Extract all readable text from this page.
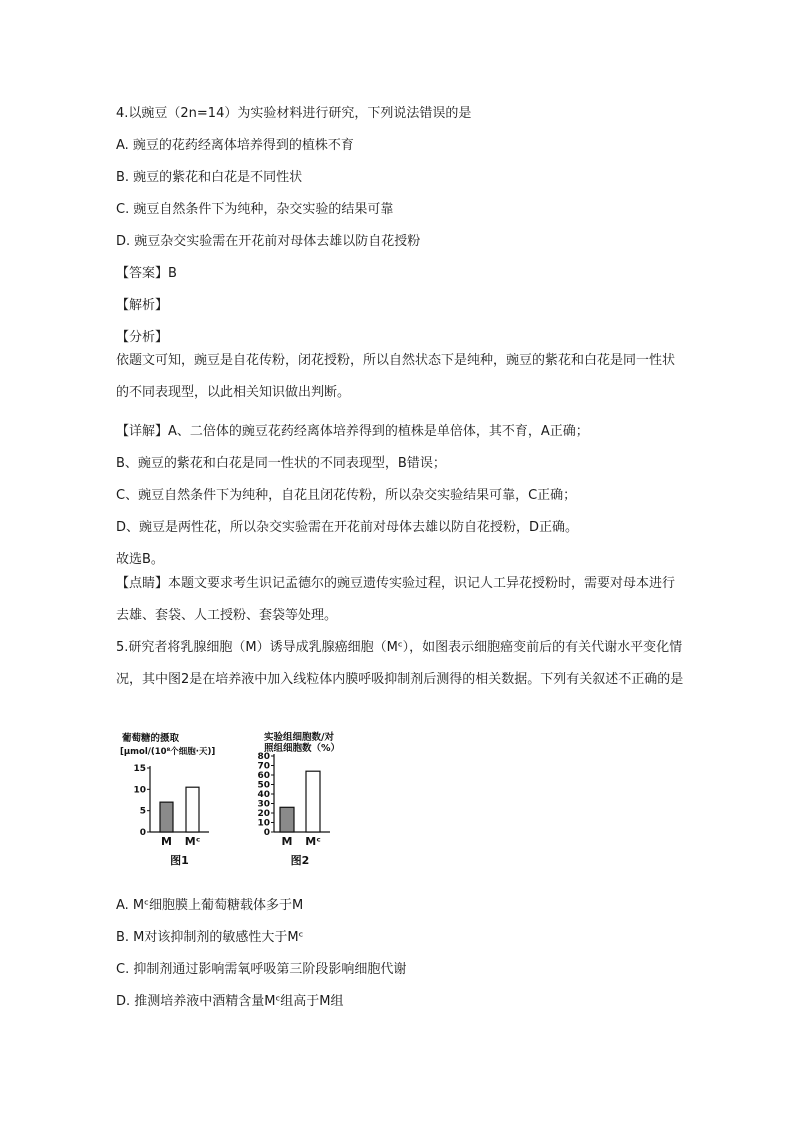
4.以豌豆（2n=14）为实验材料进行研究，下列说法错误的是
A. 豌豆的花药经离体培养得到的植株不育
B. 豌豆的紫花和白花是不同性状
C. 豌豆自然条件下为纯种，杂交实验的结果可靠
D. 豌豆杂交实验需在开花前对母体去雄以防自花授粉
【答案】B
【解析】
【分析】
依题文可知，豌豆是自花传粉，闭花授粉，所以自然状态下是纯种，豌豆的紫花和白花是同一性状的不同表现型，以此相关知识做出判断。
【详解】A、二倍体的豌豆花药经离体培养得到的植株是单倍体，其不育，A正确；
B、豌豆的紫花和白花是同一性状的不同表现型，B错误；
C、豌豆自然条件下为纯种，自花且闭花传粉，所以杂交实验结果可靠，C正确；
D、豌豆是两性花，所以杂交实验需在开花前对母体去雄以防自花授粉，D正确。
故选B。
【点睛】本题文要求考生识记孟德尔的豌豆遗传实验过程，识记人工异花授粉时，需要对母本进行去雄、套袋、人工授粉、套袋等处理。
5.研究者将乳腺细胞（M）诱导成乳腺癌细胞（Mᶜ），如图表示细胞癌变前后的有关代谢水平变化情况，其中图2是在培养液中加入线粒体内膜呼吸抑制剂后测得的相关数据。下列有关叙述不正确的是
葡萄糖的摄取
[μmol/(10⁸个细胞·天)]
0
5
10
15
M Mᶜ
图1
实验组细胞数/对
照组细胞数（%）
0
10
20
30
40
50
60
70
80
M Mᶜ
图2
A. Mᶜ细胞膜上葡萄糖载体多于M
B. M对该抑制剂的敏感性大于Mᶜ
C. 抑制剂通过影响需氧呼吸第三阶段影响细胞代谢
D. 推测培养液中酒精含量Mᶜ组高于M组
